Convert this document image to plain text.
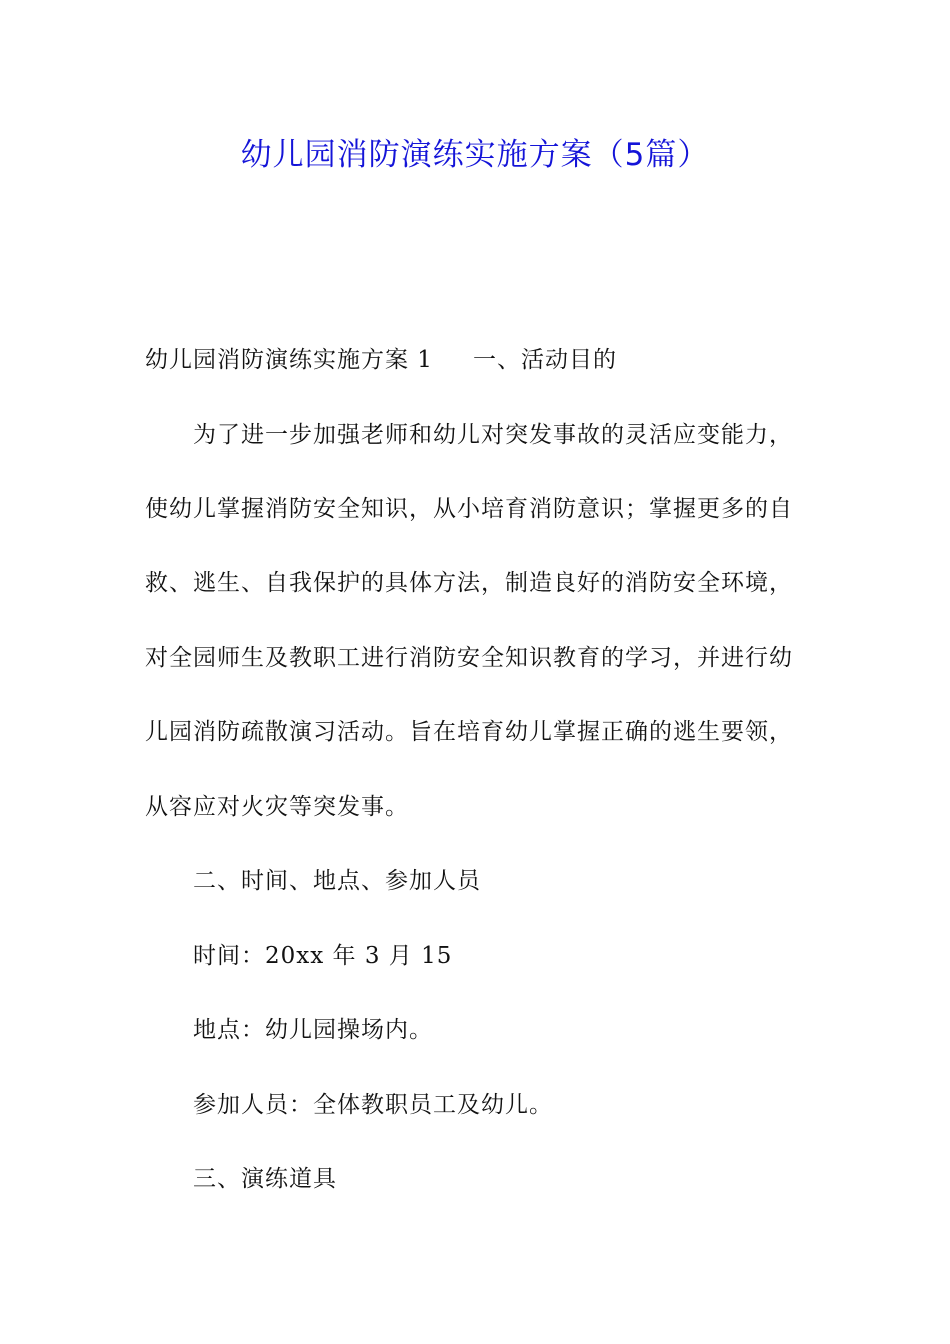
幼儿园消防演练实施方案（5篇）
幼儿园消防演练实施方案 1 一、活动目的
为了进一步加强老师和幼儿对突发事故的灵活应变能力，
使幼儿掌握消防安全知识，从小培育消防意识；掌握更多的自
救、逃生、自我保护的具体方法，制造良好的消防安全环境，
对全园师生及教职工进行消防安全知识教育的学习，并进行幼
儿园消防疏散演习活动。旨在培育幼儿掌握正确的逃生要领，
从容应对火灾等突发事。
二、时间、地点、参加人员
时间：20xx 年 3 月 15
地点：幼儿园操场内。
参加人员：全体教职员工及幼儿。
三、演练道具
